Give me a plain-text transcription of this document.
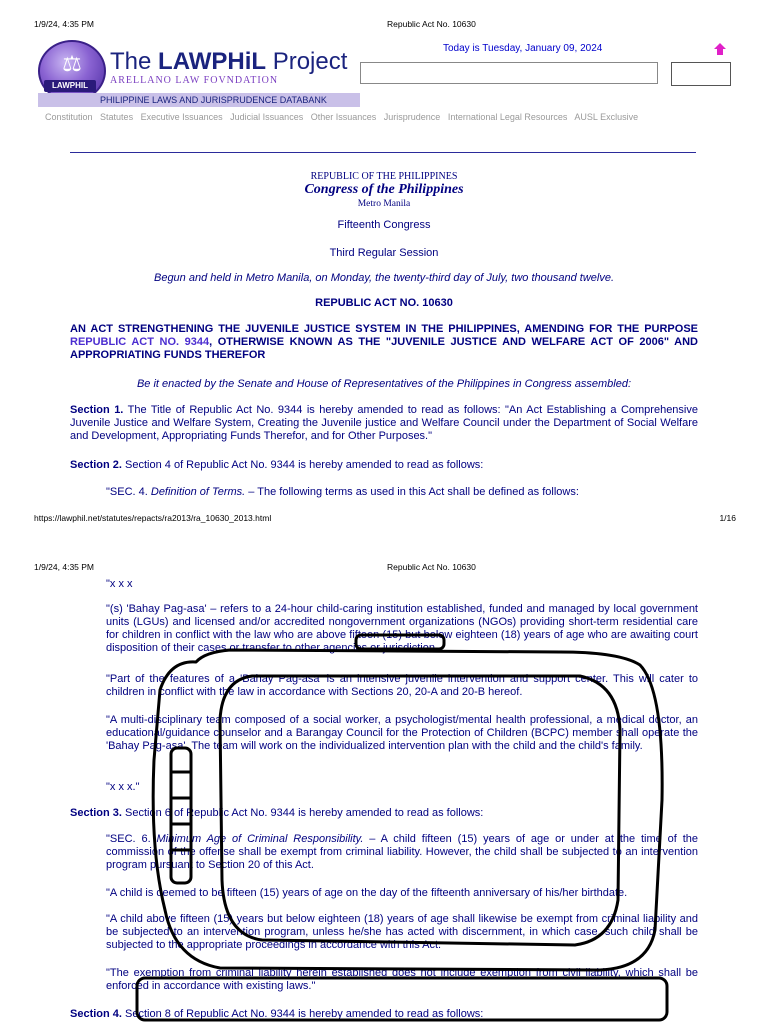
1/9/24, 4:35 PM	Republic Act No. 10630
⚖
LAWPHIL
The LAWPHiL Project
ARELLANO LAW FOVNDATION
PHILIPPINE LAWS AND JURISPRUDENCE DATABANK
Today is Tuesday, January 09, 2024
Constitution Statutes Executive Issuances Judicial Issuances Other Issuances Jurisprudence International Legal Resources AUSL Exclusive
REPUBLIC OF THE PHILIPPINES
Congress of the Philippines
Metro Manila
Fifteenth Congress
Third Regular Session
Begun and held in Metro Manila, on Monday, the twenty-third day of July, two thousand twelve.
REPUBLIC ACT NO. 10630
AN ACT STRENGTHENING THE JUVENILE JUSTICE SYSTEM IN THE PHILIPPINES, AMENDING FOR THE PURPOSE REPUBLIC ACT NO. 9344, OTHERWISE KNOWN AS THE "JUVENILE JUSTICE AND WELFARE ACT OF 2006" AND APPROPRIATING FUNDS THEREFOR
Be it enacted by the Senate and House of Representatives of the Philippines in Congress assembled:
Section 1. The Title of Republic Act No. 9344 is hereby amended to read as follows: "An Act Establishing a Comprehensive Juvenile Justice and Welfare System, Creating the Juvenile justice and Welfare Council under the Department of Social Welfare and Development, Appropriating Funds Therefor, and for Other Purposes."
Section 2. Section 4 of Republic Act No. 9344 is hereby amended to read as follows:
"SEC. 4. Definition of Terms. – The following terms as used in this Act shall be defined as follows:
https://lawphil.net/statutes/repacts/ra2013/ra_10630_2013.html	1/16
1/9/24, 4:35 PM	Republic Act No. 10630
"x x x
"(s) 'Bahay Pag-asa' – refers to a 24-hour child-caring institution established, funded and managed by local government units (LGUs) and licensed and/or accredited nongovernment organizations (NGOs) providing short-term residential care for children in conflict with the law who are above fifteen (15) but below eighteen (18) years of age who are awaiting court disposition of their cases or transfer to other agencies or jurisdiction.
"Part of the features of a 'Bahay Pag-asa' is an intensive juvenile intervention and support center. This will cater to children in conflict with the law in accordance with Sections 20, 20-A and 20-B hereof.
"A multi-disciplinary team composed of a social worker, a psychologist/mental health professional, a medical doctor, an educational/guidance counselor and a Barangay Council for the Protection of Children (BCPC) member shall operate the 'Bahay Pag-asa'. The team will work on the individualized intervention plan with the child and the child's family.
"x x x."
Section 3. Section 6 of Republic Act No. 9344 is hereby amended to read as follows:
"SEC. 6. Minimum Age of Criminal Responsibility. – A child fifteen (15) years of age or under at the time of the commission of the offense shall be exempt from criminal liability. However, the child shall be subjected to an intervention program pursuant to Section 20 of this Act.
"A child is deemed to be fifteen (15) years of age on the day of the fifteenth anniversary of his/her birthdate.
"A child above fifteen (15) years but below eighteen (18) years of age shall likewise be exempt from criminal liability and be subjected to an intervention program, unless he/she has acted with discernment, in which case, such child shall be subjected to the appropriate proceedings in accordance with this Act.
"The exemption from criminal liability herein established does not include exemption from civil liability, which shall be enforced in accordance with existing laws."
Section 4. Section 8 of Republic Act No. 9344 is hereby amended to read as follows:
